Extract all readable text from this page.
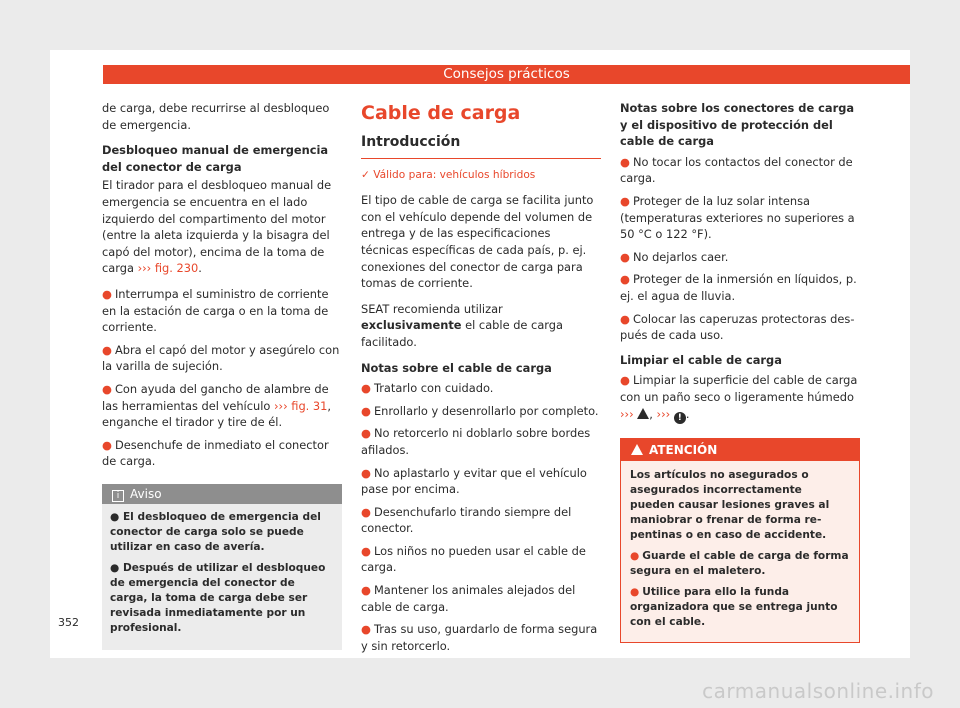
Consejos prácticos

de carga, debe recurrirse al desbloqueo de emergencia.

Desbloqueo manual de emergencia del conector de carga

El tirador para el desbloqueo manual de emergencia se encuentra en el lado izquierdo del compartimento del motor (entre la aleta izquierda y la bisagra del capó del motor), encima de la toma de carga ››› fig. 230.

● Interrumpa el suministro de corriente en la estación de carga o en la toma de corriente.
● Abra el capó del motor y asegúrelo con la varilla de sujeción.
● Con ayuda del gancho de alambre de las herramientas del vehículo ››› fig. 31, enganche el tirador y tire de él.
● Desenchufe de inmediato el conector de carga.
i Aviso
● El desbloqueo de emergencia del conector de carga solo se puede utilizar en caso de avería.
● Después de utilizar el desbloqueo de emergencia del conector de carga, la toma de carga debe ser revisada inmediatamente por un profesional.
Cable de carga
Introducción
✓ Válido para: vehículos híbridos

El tipo de cable de carga se facilita junto con el vehículo depende del volumen de entrega y de las especificaciones técnicas específicas de cada país, p. ej. conexiones del conector de carga para tomas de corriente.

SEAT recomienda utilizar exclusivamente el cable de carga facilitado.

Notas sobre el cable de carga

● Tratarlo con cuidado.
● Enrollarlo y desenrollarlo por completo.
● No retorcerlo ni doblarlo sobre bordes afilados.
● No aplastarlo y evitar que el vehículo pase por encima.
● Desenchufarlo tirando siempre del conector.
● Los niños no pueden usar el cable de carga.
● Mantener los animales alejados del cable de carga.
● Tras su uso, guardarlo de forma segura y sin retorcerlo.

Notas sobre los conectores de carga y el dispositivo de protección del cable de carga

● No tocar los contactos del conector de carga.
● Proteger de la luz solar intensa (temperaturas exteriores no superiores a 50 °C o 122 °F).
● No dejarlos caer.
● Proteger de la inmersión en líquidos, p. ej. el agua de lluvia.
● Colocar las caperuzas protectoras después de cada uso.

Limpiar el cable de carga

● Limpiar la superficie del cable de carga con un paño seco o ligeramente húmedo
››› , ››› ! .
ATENCIÓN

Los artículos no asegurados o asegurados incorrectamente pueden causar lesiones graves al maniobrar o frenar de forma repentinas o en caso de accidente.

● Guarde el cable de carga de forma segura en el maletero.
● Utilice para ello la funda organizadora que se entrega junto con el cable.
352
carmanualsonline.info
